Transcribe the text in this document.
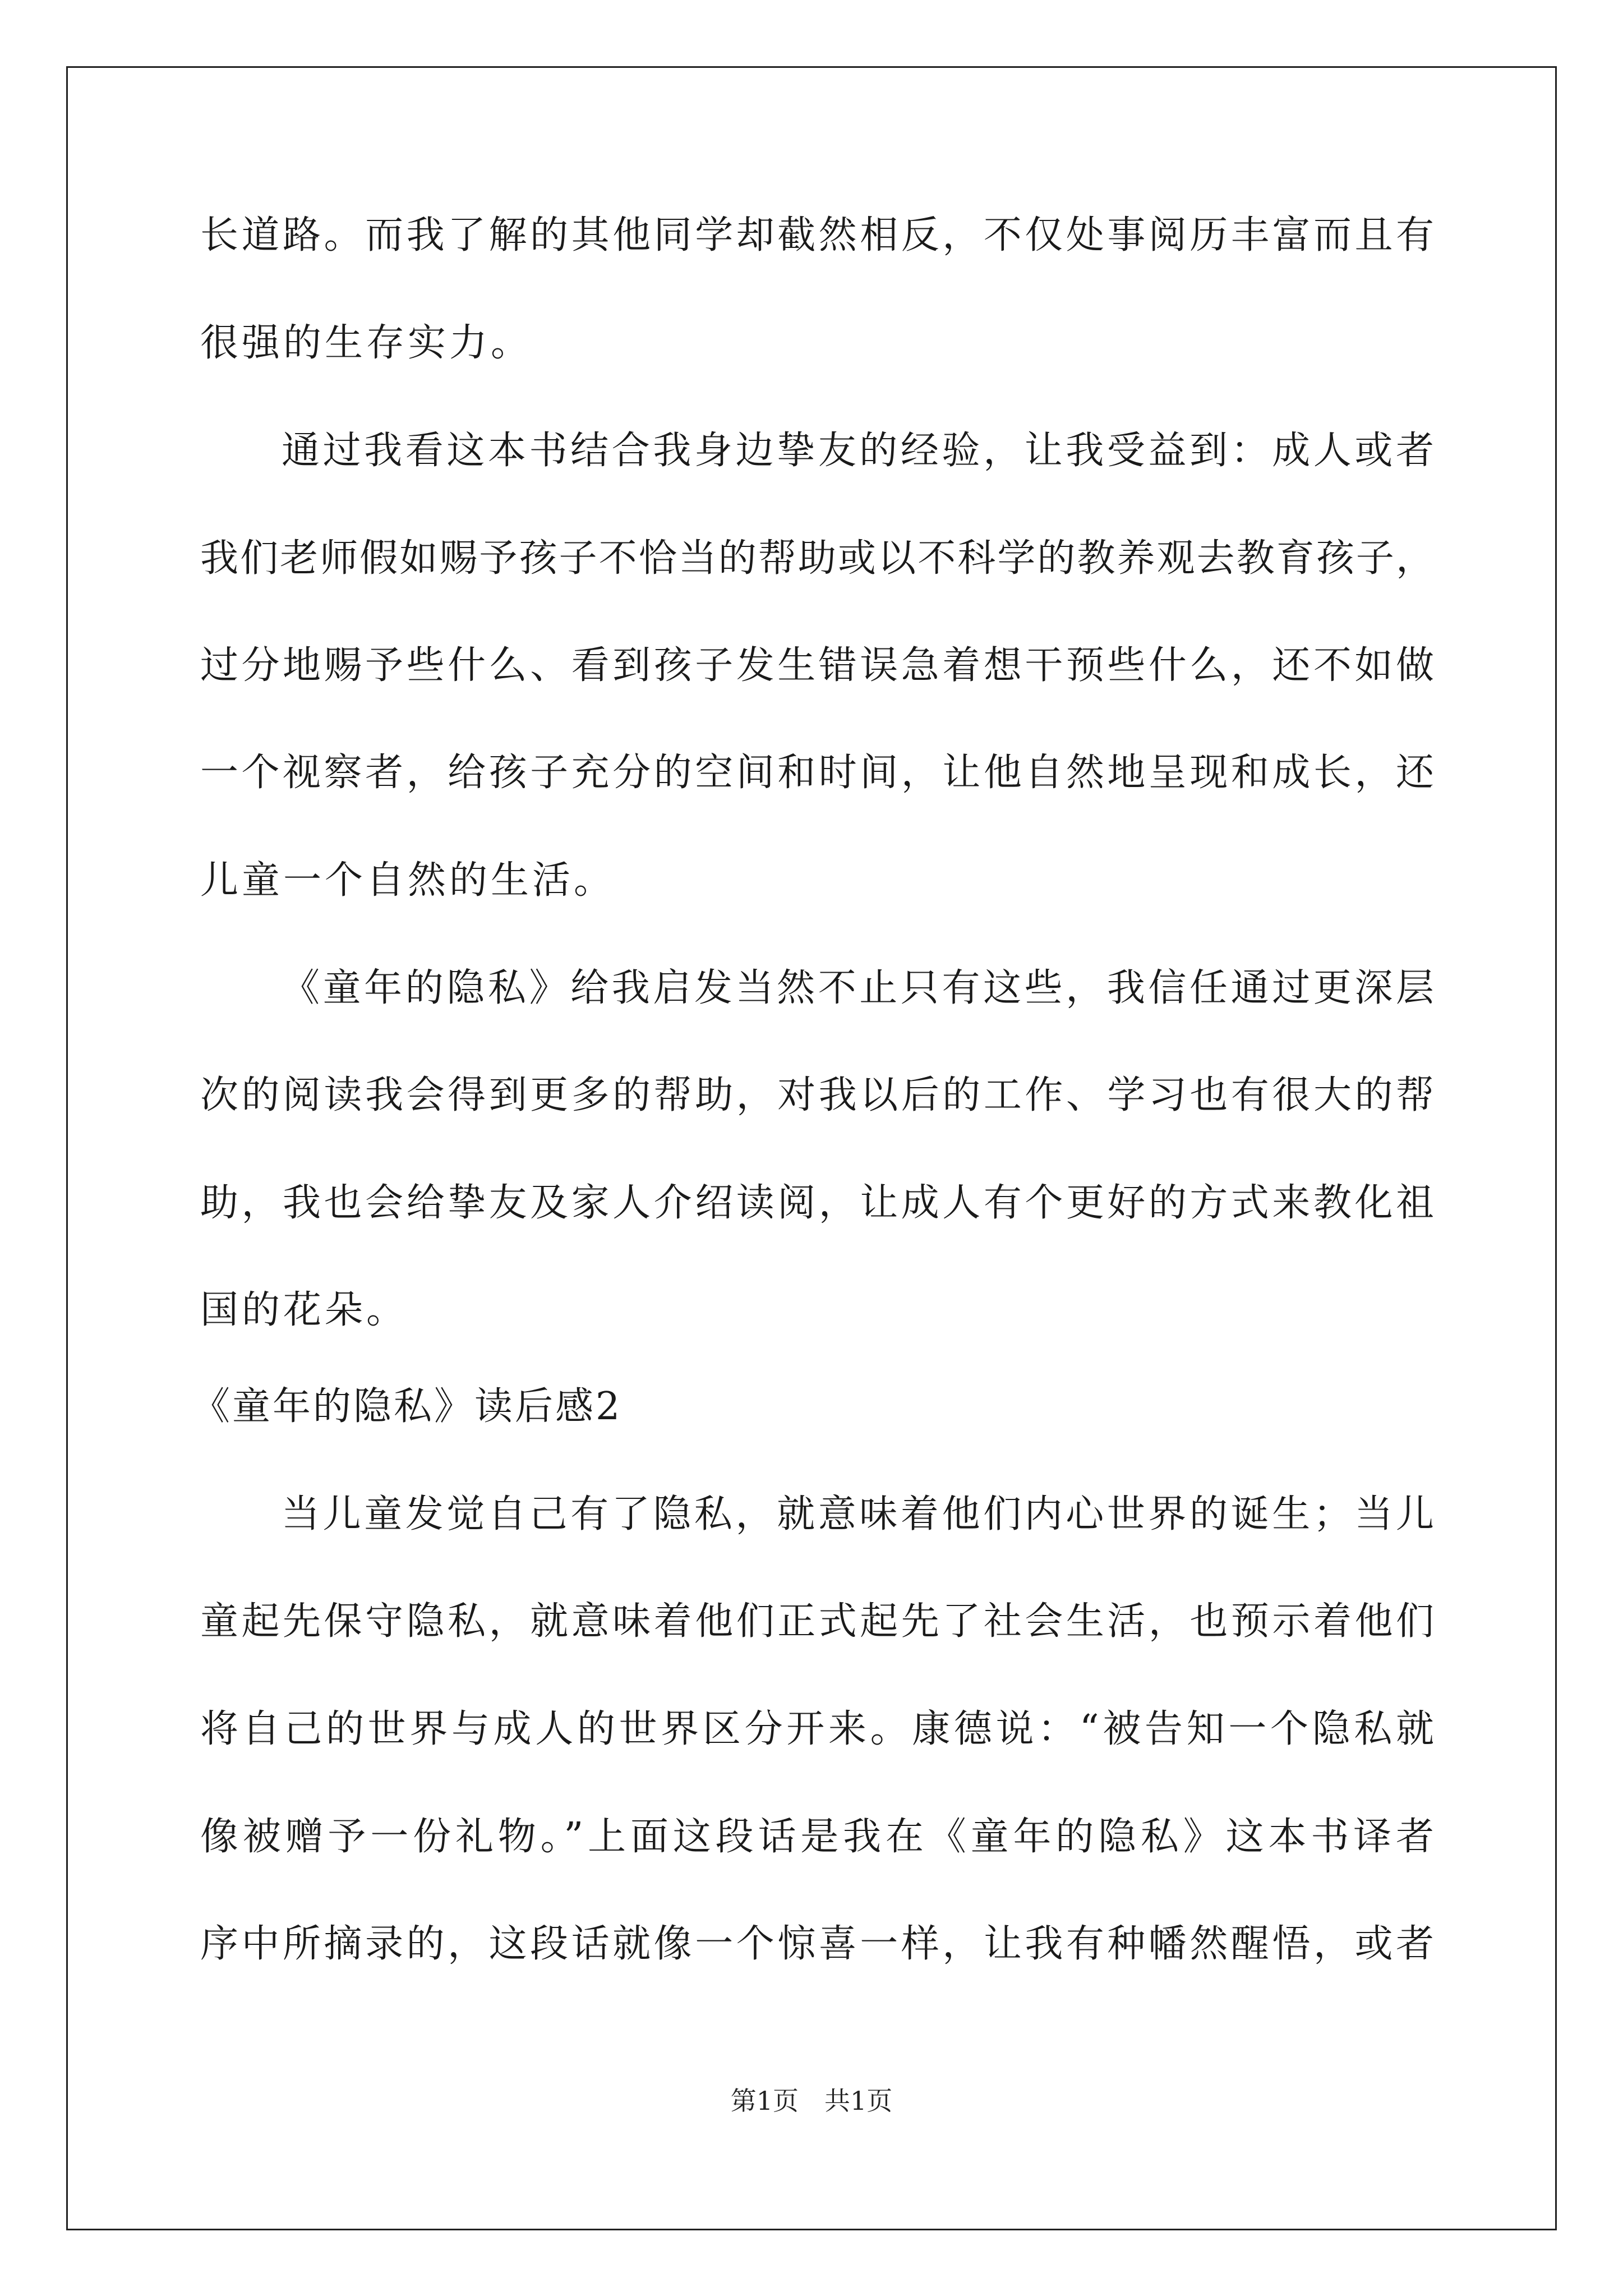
长道路。而我了解的其他同学却截然相反，不仅处事阅历丰富而且有
很强的生存实力。
通过我看这本书结合我身边挚友的经验，让我受益到：成人或者
我们老师假如赐予孩子不恰当的帮助或以不科学的教养观去教育孩子，
过分地赐予些什么、看到孩子发生错误急着想干预些什么，还不如做
一个视察者，给孩子充分的空间和时间，让他自然地呈现和成长，还
儿童一个自然的生活。
《童年的隐私》给我启发当然不止只有这些，我信任通过更深层
次的阅读我会得到更多的帮助，对我以后的工作、学习也有很大的帮
助，我也会给挚友及家人介绍读阅，让成人有个更好的方式来教化祖
国的花朵。
《童年的隐私》读后感2
当儿童发觉自己有了隐私，就意味着他们内心世界的诞生；当儿
童起先保守隐私，就意味着他们正式起先了社会生活，也预示着他们
将自己的世界与成人的世界区分开来。康德说：“被告知一个隐私就
像被赠予一份礼物。”上面这段话是我在《童年的隐私》这本书译者
序中所摘录的，这段话就像一个惊喜一样，让我有种幡然醒悟，或者
第1页　共1页
